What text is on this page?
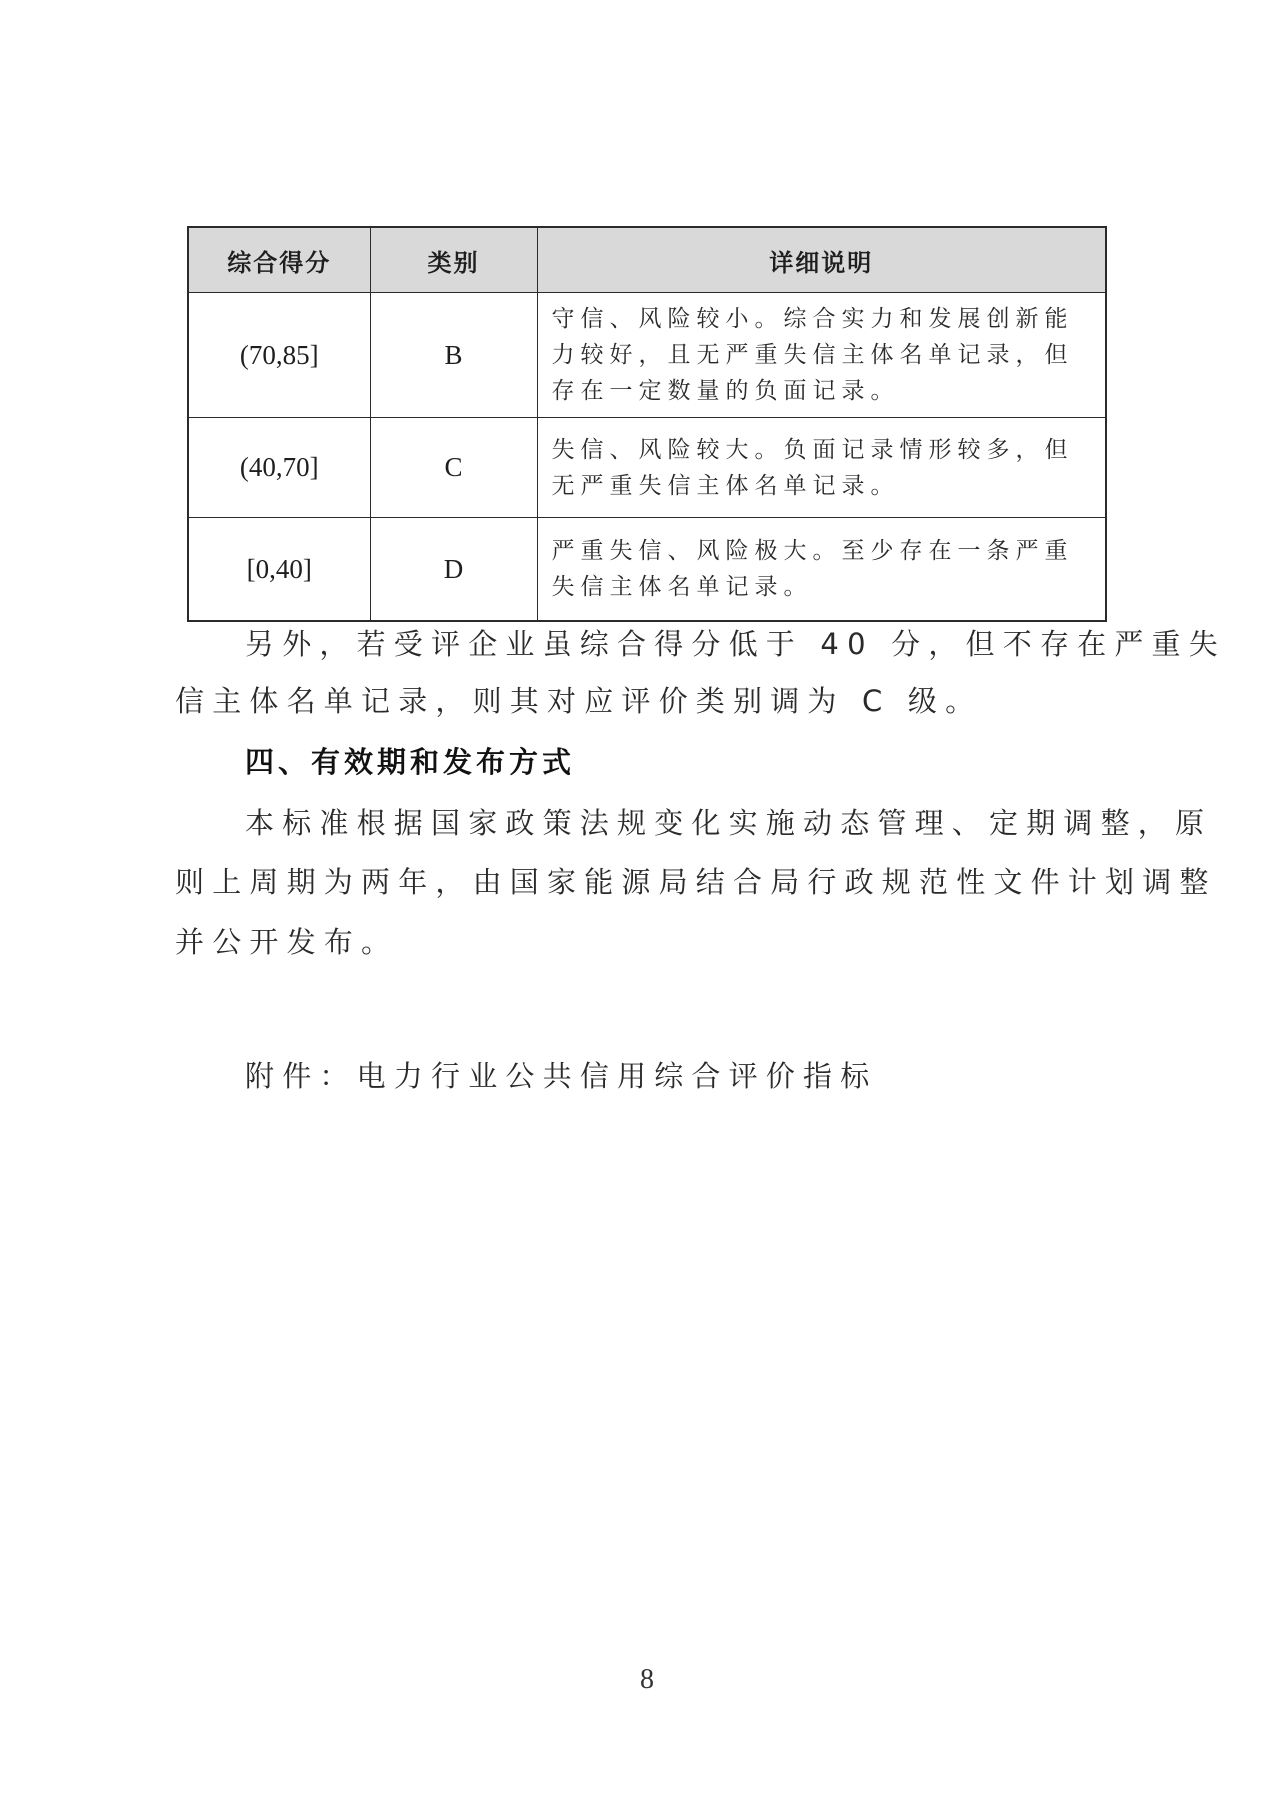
综合得分	类别	详细说明
(70,85]	B	守信、风险较小。综合实力和发展创新能力较好，且无严重失信主体名单记录，但存在一定数量的负面记录。
(40,70]	C	失信、风险较大。负面记录情形较多，但无严重失信主体名单记录。
[0,40]	D	严重失信、风险极大。至少存在一条严重失信主体名单记录。
另外，若受评企业虽综合得分低于 40 分，但不存在严重失
信主体名单记录，则其对应评价类别调为 C 级。
四、有效期和发布方式
本标准根据国家政策法规变化实施动态管理、定期调整，原
则上周期为两年，由国家能源局结合局行政规范性文件计划调整
并公开发布。
附件：电力行业公共信用综合评价指标
8
